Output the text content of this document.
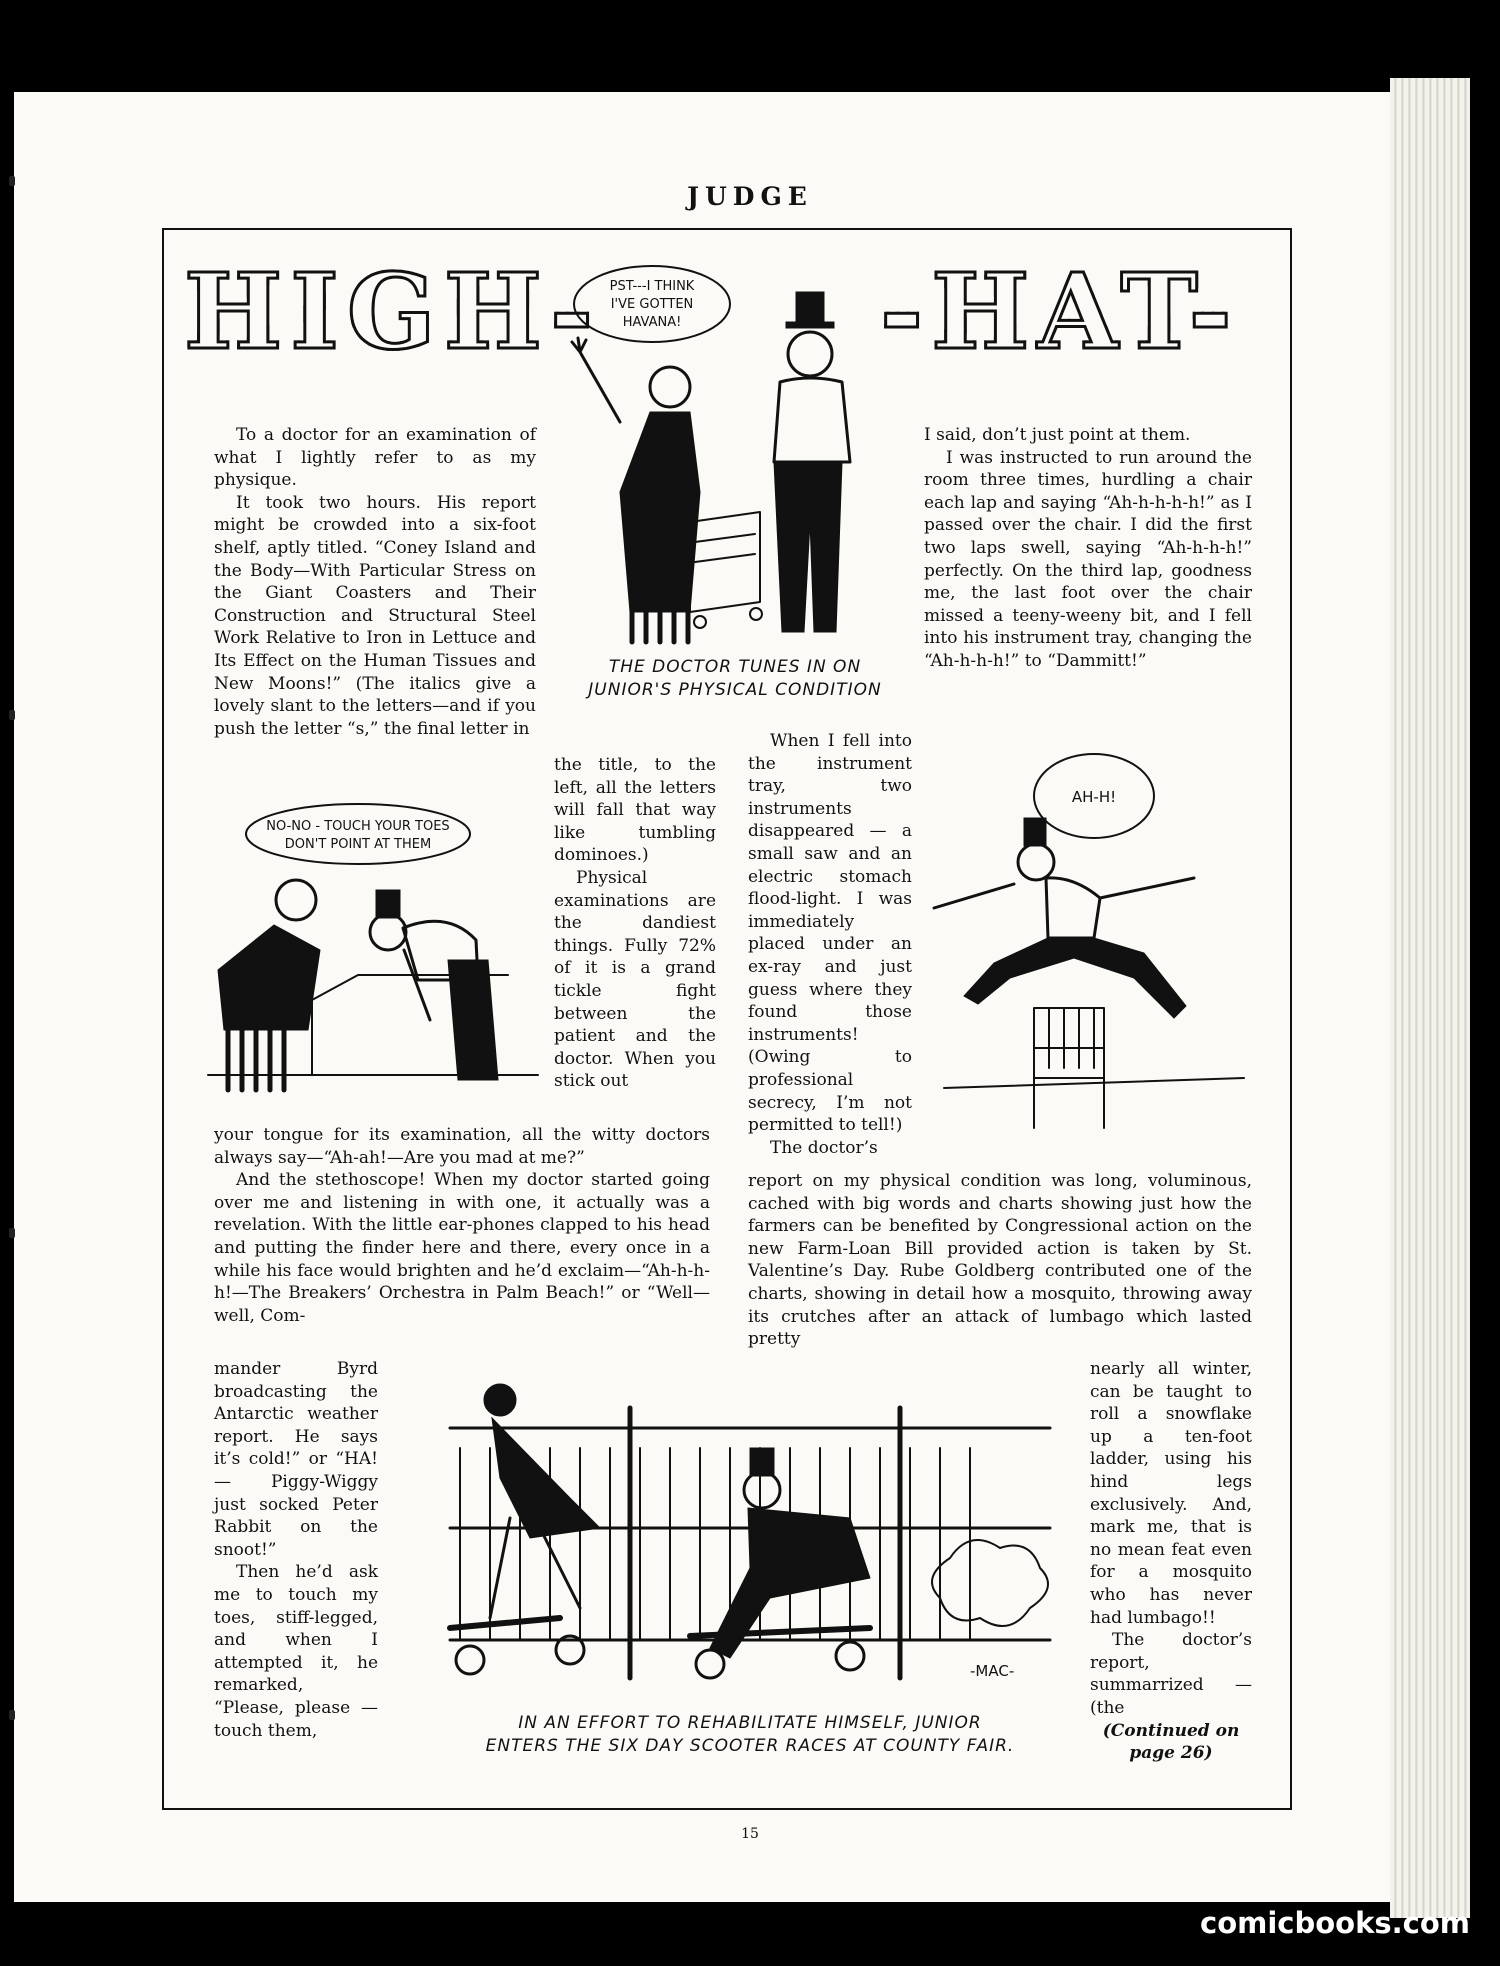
JUDGE
HIGH-	-HAT-
PST---I THINK
I'VE GOTTEN
HAVANA!
THE DOCTOR TUNES IN ON
JUNIOR'S PHYSICAL CONDITION

To a doctor for an examination of what I lightly refer to as my physique.

It took two hours. His report might be crowded into a six-foot shelf, aptly titled. “Coney Island and the Body—With Particular Stress on the Giant Coasters and Their Construction and Structural Steel Work Relative to Iron in Lettuce and Its Effect on the Human Tissues and New Moons!” (The italics give a lovely slant to the letters—and if you push the letter “s,” the final letter in

the title, to the left, all the letters will fall that way like tumbling dominoes.)

Physical examinations are the dandiest things. Fully 72% of it is a grand tickle fight between the patient and the doctor. When you stick out

NO-NO - TOUCH YOUR TOES
DON'T POINT AT THEM

your tongue for its examination, all the witty doctors always say—“Ah-ah!—Are you mad at me?”

And the stethoscope! When my doctor started going over me and listening in with one, it actually was a revelation. With the little ear-phones clapped to his head and putting the finder here and there, every once in a while his face would brighten and he’d exclaim—“Ah-h-h-h!—The Breakers’ Orchestra in Palm Beach!” or “Well—well, Com-

mander Byrd broadcasting the Antarctic weather report. He says it’s cold!” or “HA! — Piggy-Wiggy just socked Peter Rabbit on the snoot!”

Then he’d ask me to touch my toes, stiff-legged, and when I attempted it, he remarked, “Please, please —touch them,

I said, don’t just point at them.

I was instructed to run around the room three times, hurdling a chair each lap and saying “Ah-h-h-h-h!” as I passed over the chair. I did the first two laps swell, saying “Ah-h-h-h!” perfectly. On the third lap, goodness me, the last foot over the chair missed a teeny-weeny bit, and I fell into his instrument tray, changing the “Ah-h-h-h!” to “Dammitt!”

When I fell into the instrument tray, two instruments disappeared — a small saw and an electric stomach flood-light. I was immediately placed under an ex-ray and just guess where they found those instruments! (Owing to professional secrecy, I’m not permitted to tell!)

The doctor’s

AH-H!

report on my physical condition was long, voluminous, cached with big words and charts showing just how the farmers can be benefited by Congressional action on the new Farm-Loan Bill provided action is taken by St. Valentine’s Day. Rube Goldberg contributed one of the charts, showing in detail how a mosquito, throwing away its crutches after an attack of lumbago which lasted pretty

nearly all winter, can be taught to roll a snowflake up a ten-foot ladder, using his hind legs exclusively. And, mark me, that is no mean feat even for a mosquito who has never had lumbago!!

The doctor’s report, summarrized — (the

(Continued on page 26)

-MAC-
IN AN EFFORT TO REHABILITATE HIMSELF, JUNIOR
ENTERS THE SIX DAY SCOOTER RACES AT COUNTY FAIR.
15
comicbooks.com
